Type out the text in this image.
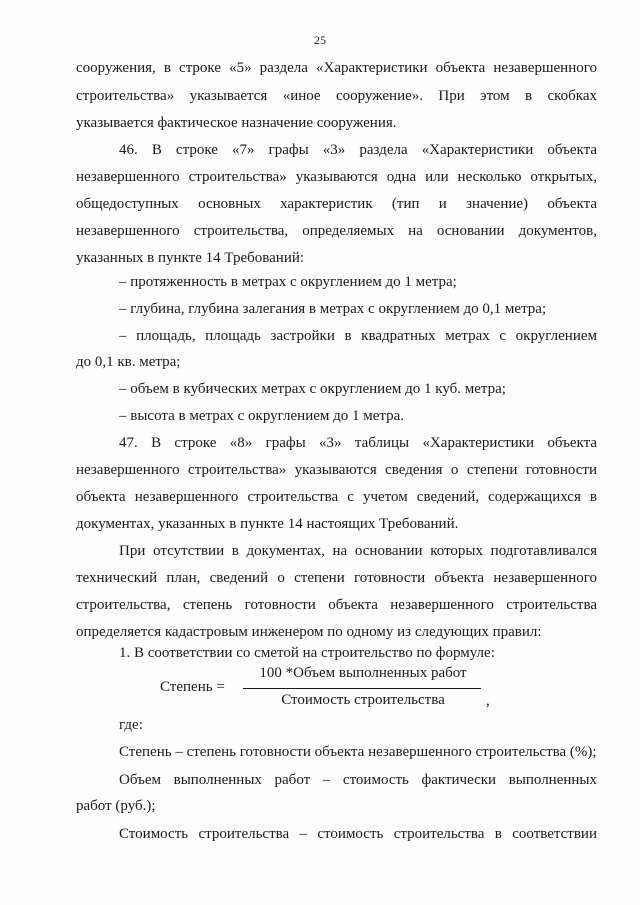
25
сооружения, в строке «5» раздела «Характеристики объекта незавершенного
строительства» указывается «иное сооружение». При этом в скобках
указывается фактическое назначение сооружения.
46. В строке «7» графы «3» раздела «Характеристики объекта
незавершенного строительства» указываются одна или несколько открытых,
общедоступных основных характеристик (тип и значение) объекта
незавершенного строительства, определяемых на основании документов,
указанных в пункте 14 Требований:
– протяженность в метрах с округлением до 1 метра;
– глубина, глубина залегания в метрах с округлением до 0,1 метра;
– площадь, площадь застройки в квадратных метрах с округлением
до 0,1 кв. метра;
– объем в кубических метрах с округлением до 1 куб. метра;
– высота в метрах с округлением до 1 метра.
47. В строке «8» графы «3» таблицы «Характеристики объекта
незавершенного строительства» указываются сведения о степени готовности
объекта незавершенного строительства с учетом сведений, содержащихся в
документах, указанных в пункте 14 настоящих Требований.
При отсутствии в документах, на основании которых подготавливался
технический план, сведений о степени готовности объекта незавершенного
строительства, степень готовности объекта незавершенного строительства
определяется кадастровым инженером по одному из следующих правил:
1. В соответствии со сметой на строительство по формуле:
Степень =
100 *Объем выполненных работ
Стоимость строительства	,
где:
Степень – степень готовности объекта незавершенного строительства (%);
Объем выполненных работ – стоимость фактически выполненных
работ (руб.);
Стоимость строительства – стоимость строительства в соответствии
